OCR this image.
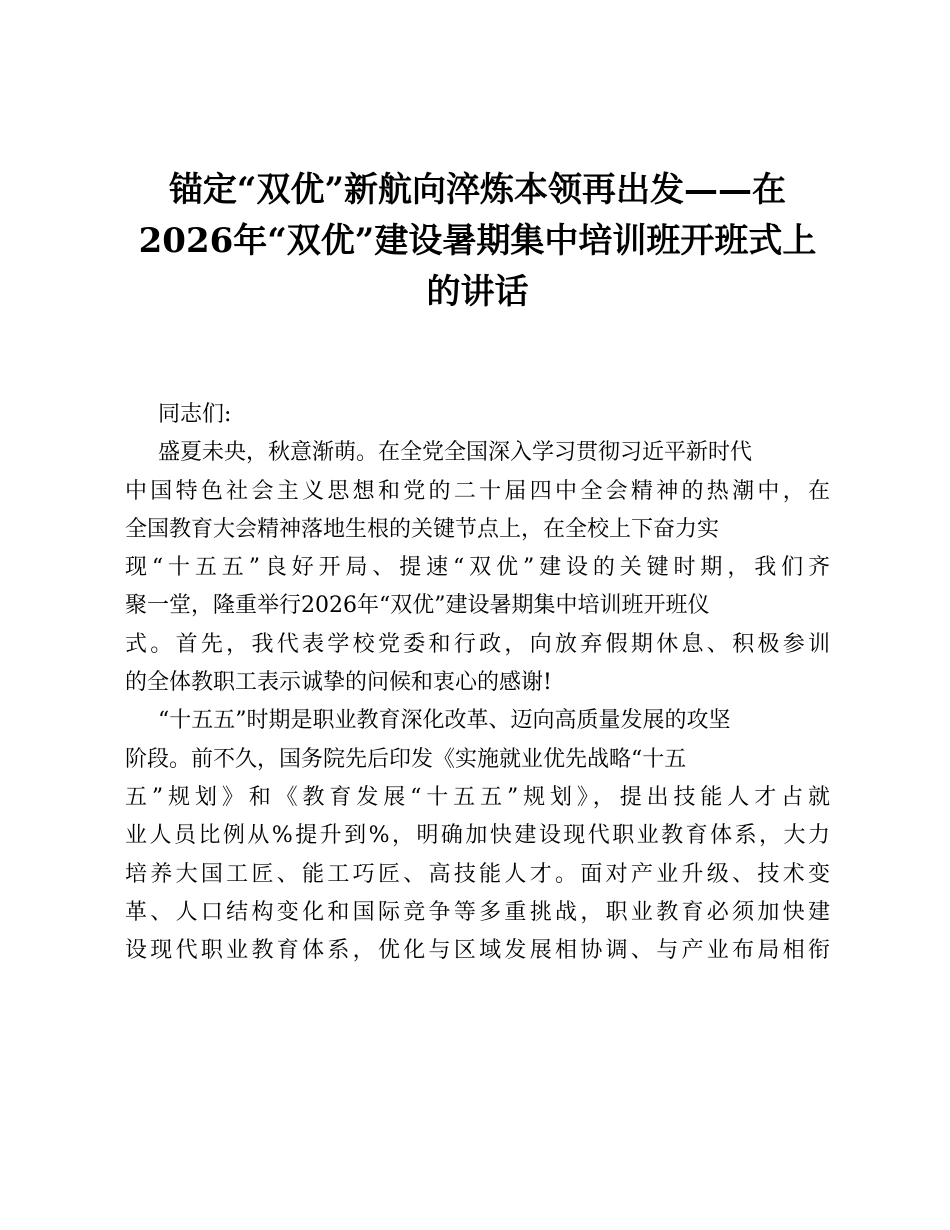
锚定“双优”新航向淬炼本领再出发——在
2026年“双优”建设暑期集中培训班开班式上
的讲话
同志们:
盛夏未央，秋意渐萌。在全党全国深入学习贯彻习近平新时代
中国特色社会主义思想和党的二十届四中全会精神的热潮中，在
全国教育大会精神落地生根的关键节点上，在全校上下奋力实
现“十五五”良好开局、提速“双优”建设的关键时期，我们齐
聚一堂，隆重举行2026年“双优”建设暑期集中培训班开班仪
式。首先，我代表学校党委和行政，向放弃假期休息、积极参训
的全体教职工表示诚挚的问候和衷心的感谢!
“十五五”时期是职业教育深化改革、迈向高质量发展的攻坚
阶段。前不久，国务院先后印发《实施就业优先战略“十五
五”规划》和《教育发展“十五五”规划》，提出技能人才占就
业人员比例从%提升到%，明确加快建设现代职业教育体系，大力
培养大国工匠、能工巧匠、高技能人才。面对产业升级、技术变
革、人口结构变化和国际竞争等多重挑战，职业教育必须加快建
设现代职业教育体系，优化与区域发展相协调、与产业布局相衔
